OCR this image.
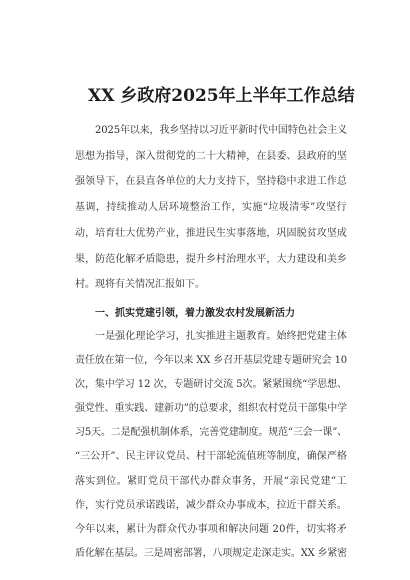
XX 乡政府2025年上半年工作总结
2025年以来，我乡坚持以习近平新时代中国特色社会主义
思想为指导，深入贯彻党的二十大精神，在县委、县政府的坚
强领导下，在县直各单位的大力支持下，坚持稳中求进工作总
基调，持续推动人居环境整治工作，实施“垃圾清零”攻坚行
动，培育壮大优势产业，推进民生实事落地，巩固脱贫攻坚成
果，防范化解矛盾隐患，提升乡村治理水平，大力建设和美乡
村。现将有关情况汇报如下。
一、抓实党建引领，着力激发农村发展新活力
一是强化理论学习，扎实推进主题教育。始终把党建主体
责任放在第一位，今年以来 XX 乡召开基层党建专题研究会 10
次，集中学习 12 次，专题研讨交流 5次。紧紧围绕“学思想、
强党性、重实践、建新功”的总要求，组织农村党员干部集中学
习5天。二是配强机制体系，完善党建制度。规范“三会一课”、
“三公开”、民主评议党员、村干部轮流值班等制度，确保严格
落实到位。紧盯党员干部代办群众事务，开展“亲民党建”工
作，实行党员承诺践诺，减少群众办事成本，拉近干群关系。
今年以来，累计为群众代办事项和解决问题 20件，切实将矛
盾化解在基层。三是周密部署，八项规定走深走实。XX 乡紧密
